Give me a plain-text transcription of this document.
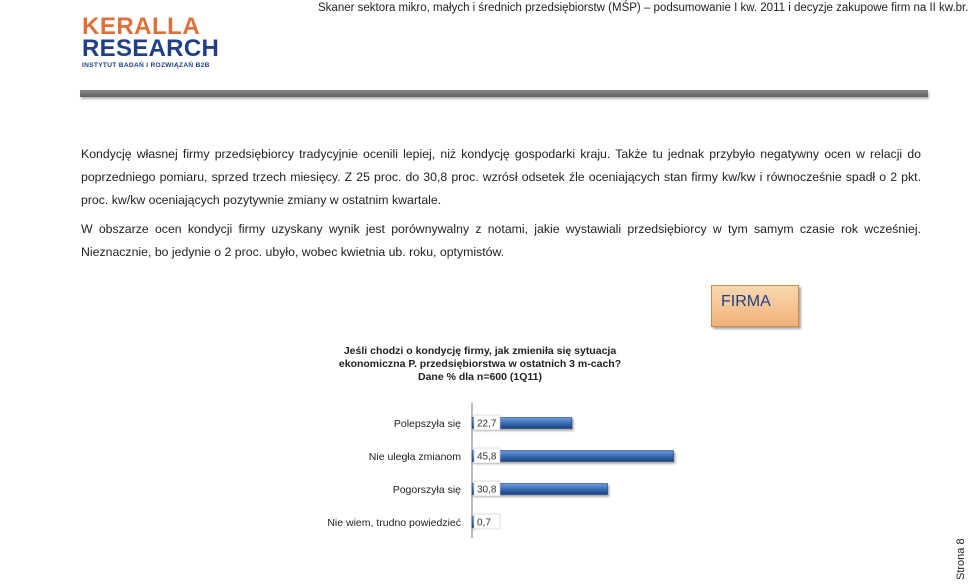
Skaner sektora mikro, małych i średnich przedsiębiorstw (MŚP) – podsumowanie I kw. 2011 i decyzje zakupowe firm na II kw.br.
KERALLA
RESEARCH
INSTYTUT BADAŃ I ROZWIĄZAŃ B2B
Kondycję własnej firmy przedsiębiorcy tradycyjnie ocenili lepiej, niż kondycję gospodarki kraju. Także tu jednak przybyło negatywny ocen w relacji do poprzedniego pomiaru, sprzed trzech miesięcy. Z 25 proc. do 30,8 proc. wzrósł odsetek źle oceniających stan firmy kw/kw i równocześnie spadł o 2 pkt. proc. kw/kw oceniających pozytywnie zmiany w ostatnim kwartale.
W obszarze ocen kondycji firmy uzyskany wynik jest porównywalny z notami, jakie wystawiali przedsiębiorcy w tym samym czasie rok wcześniej. Nieznacznie, bo jedynie o 2 proc. ubyło, wobec kwietnia ub. roku, optymistów.
FIRMA
Jeśli chodzi o kondycję firmy, jak zmieniła się sytuacja ekonomiczna P. przedsiębiorstwa w ostatnich 3 m-cach? Dane % dla n=600 (1Q11)
Polepszyła się 22,7
Nie uległa zmianom 45,8
Pogorszyła się 30,8
Nie wiem, trudno powiedzieć 0,7
Strona 8
